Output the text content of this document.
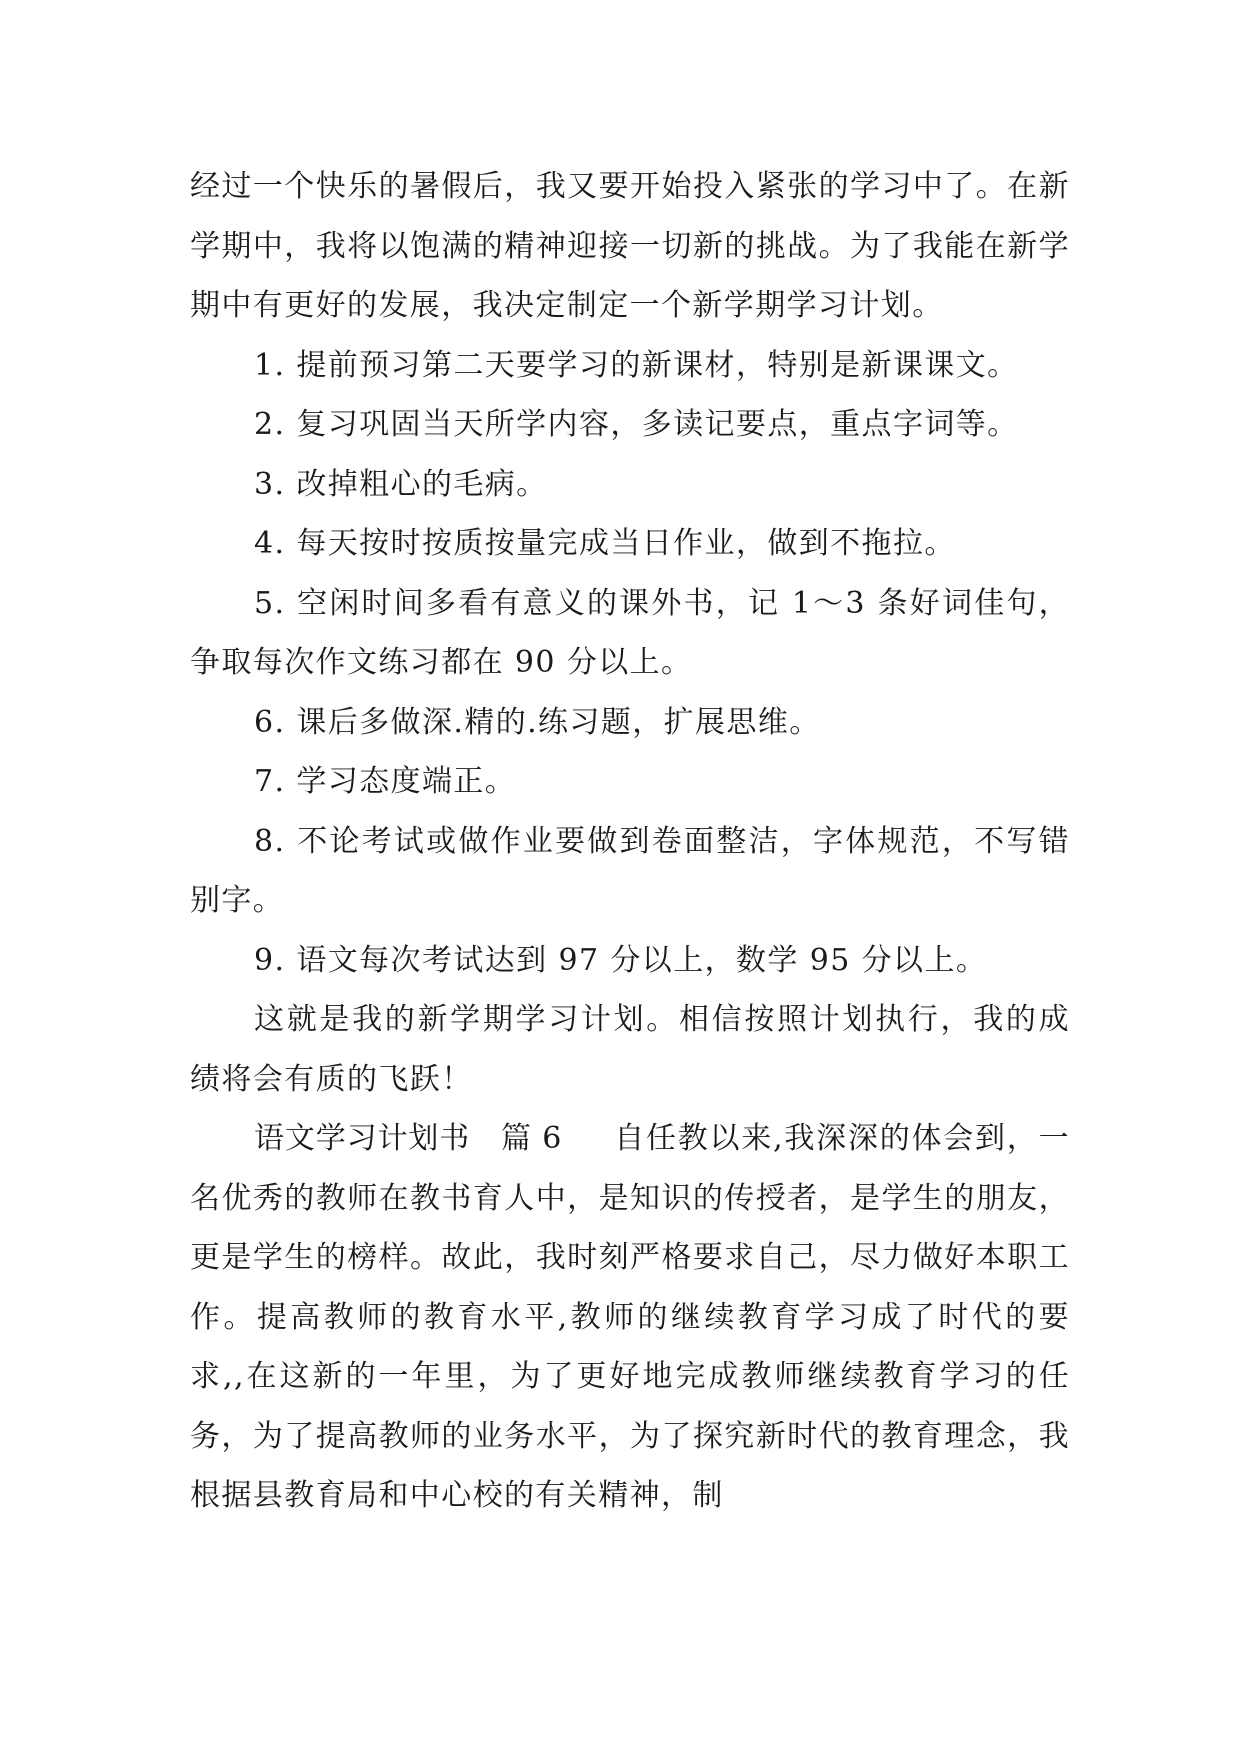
经过一个快乐的暑假后，我又要开始投入紧张的学习中了。在新学期中，我将以饱满的精神迎接一切新的挑战。为了我能在新学期中有更好的发展，我决定制定一个新学期学习计划。

1. 提前预习第二天要学习的新课材，特别是新课课文。

2. 复习巩固当天所学内容，多读记要点，重点字词等。

3. 改掉粗心的毛病。

4. 每天按时按质按量完成当日作业，做到不拖拉。

5. 空闲时间多看有意义的课外书，记 1～3 条好词佳句，争取每次作文练习都在 90 分以上。

6. 课后多做深.精的.练习题，扩展思维。

7. 学习态度端正。

8. 不论考试或做作业要做到卷面整洁，字体规范，不写错别字。

9. 语文每次考试达到 97 分以上，数学 95 分以上。

这就是我的新学期学习计划。相信按照计划执行，我的成绩将会有质的飞跃！

语文学习计划书　篇 6 自任教以来,我深深的体会到，一名优秀的教师在教书育人中，是知识的传授者，是学生的朋友，更是学生的榜样。故此，我时刻严格要求自己，尽力做好本职工作。提高教师的教育水平,教师的继续教育学习成了时代的要求,,在这新的一年里，为了更好地完成教师继续教育学习的任务，为了提高教师的业务水平，为了探究新时代的教育理念，我根据县教育局和中心校的有关精神，制
